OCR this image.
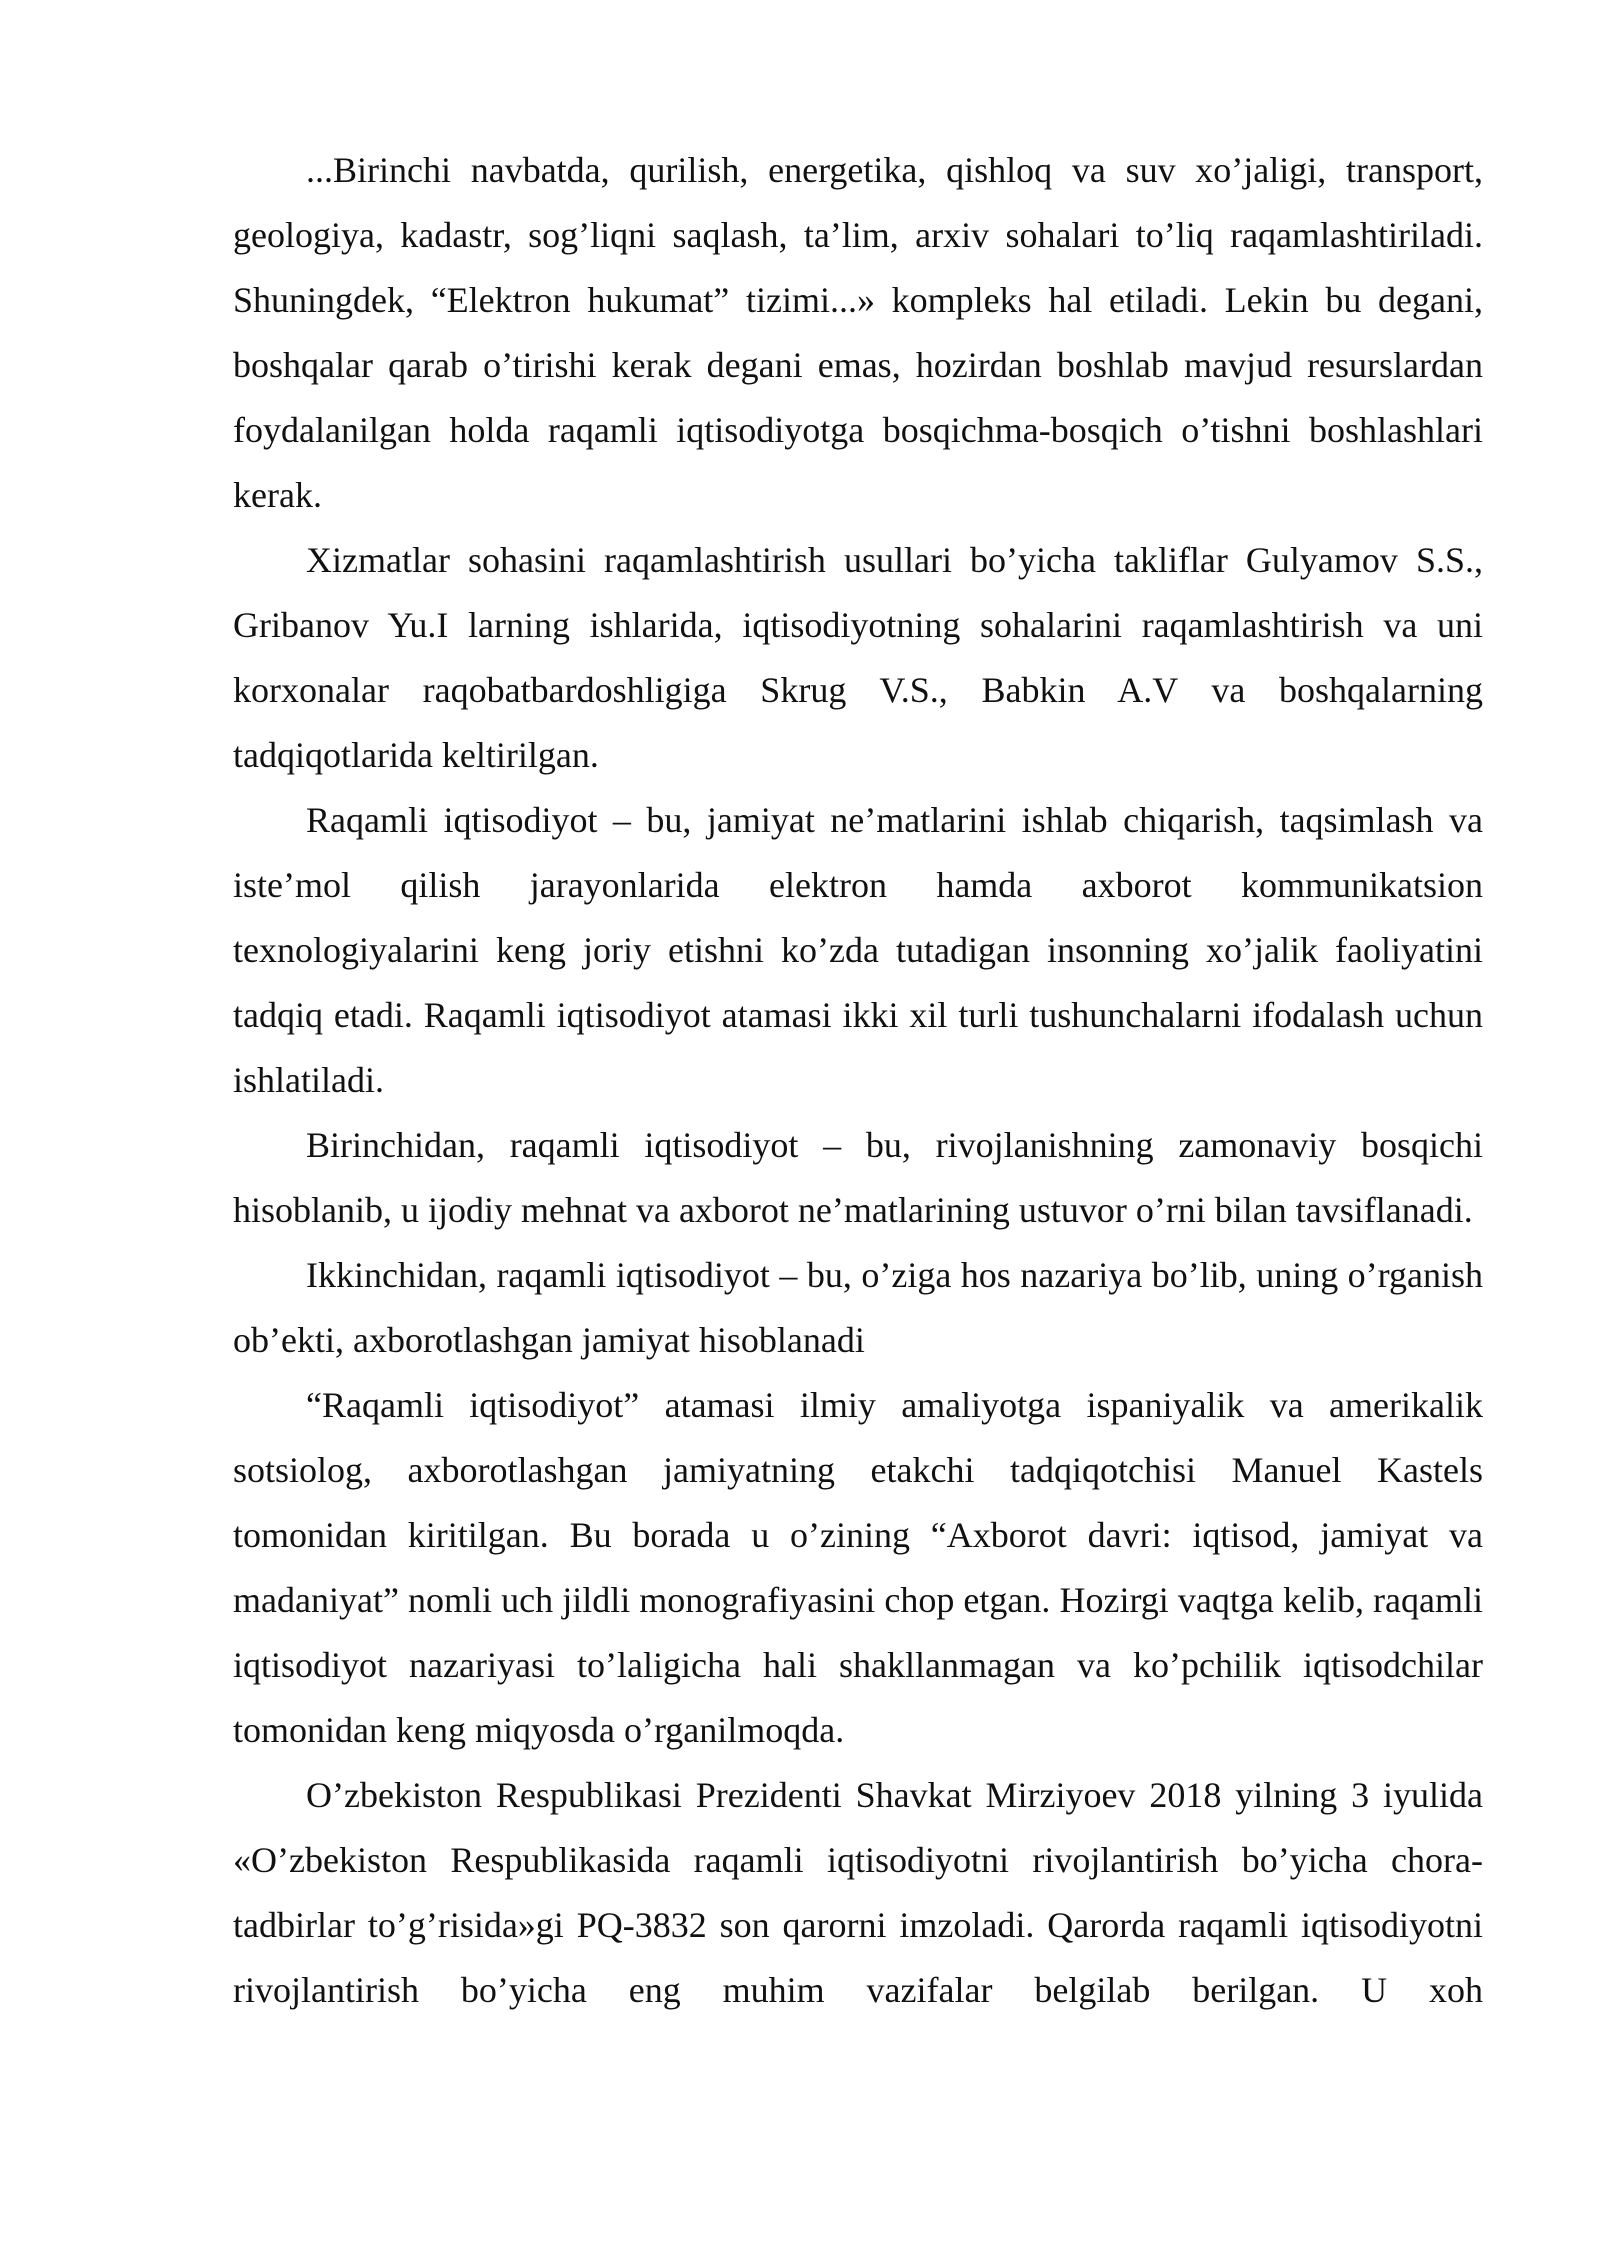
...Birinchi navbatda, qurilish, energetika, qishloq va suv xo’jaligi, transport, geologiya, kadastr, sog’liqni saqlash, ta’lim, arxiv sohalari to’liq raqamlashtiriladi. Shuningdek, “Elektron hukumat” tizimi...» kompleks hal etiladi. Lekin bu degani, boshqalar qarab o’tirishi kerak degani emas, hozirdan boshlab mavjud resurslardan foydalanilgan holda raqamli iqtisodiyotga bosqichma-bosqich o’tishni boshlashlari kerak.

Xizmatlar sohasini raqamlashtirish usullari bo’yicha takliflar Gulyamov S.S., Gribanov Yu.I larning ishlarida, iqtisodiyotning sohalarini raqamlashtirish va uni korxonalar raqobatbardoshligiga Skrug V.S., Babkin A.V va boshqalarning tadqiqotlarida keltirilgan.

Raqamli iqtisodiyot – bu, jamiyat ne’matlarini ishlab chiqarish, taqsimlash va iste’mol qilish jarayonlarida elektron hamda axborot kommunikatsion texnologiyalarini keng joriy etishni ko’zda tutadigan insonning xo’jalik faoliyatini tadqiq etadi. Raqamli iqtisodiyot atamasi ikki xil turli tushunchalarni ifodalash uchun ishlatiladi.

Birinchidan, raqamli iqtisodiyot – bu, rivojlanishning zamonaviy bosqichi hisoblanib, u ijodiy mehnat va axborot ne’matlarining ustuvor o’rni bilan tavsiflanadi.

Ikkinchidan, raqamli iqtisodiyot – bu, o’ziga hos nazariya bo’lib, uning o’rganish ob’ekti, axborotlashgan jamiyat hisoblanadi

“Raqamli iqtisodiyot” atamasi ilmiy amaliyotga ispaniyalik va amerikalik sotsiolog, axborotlashgan jamiyatning etakchi tadqiqotchisi Manuel Kastels tomonidan kiritilgan. Bu borada u o’zining “Axborot davri: iqtisod, jamiyat va madaniyat” nomli uch jildli monografiyasini chop etgan. Hozirgi vaqtga kelib, raqamli iqtisodiyot nazariyasi to’laligicha hali shakllanmagan va ko’pchilik iqtisodchilar tomonidan keng miqyosda o’rganilmoqda.

O’zbekiston Respublikasi Prezidenti Shavkat Mirziyoev 2018 yilning 3 iyulida «O’zbekiston Respublikasida raqamli iqtisodiyotni rivojlantirish bo’yicha chora-tadbirlar to’g’risida»gi PQ-3832 son qarorni imzoladi. Qarorda raqamli iqtisodiyotni rivojlantirish bo’yicha eng muhim vazifalar belgilab berilgan. U xoh
